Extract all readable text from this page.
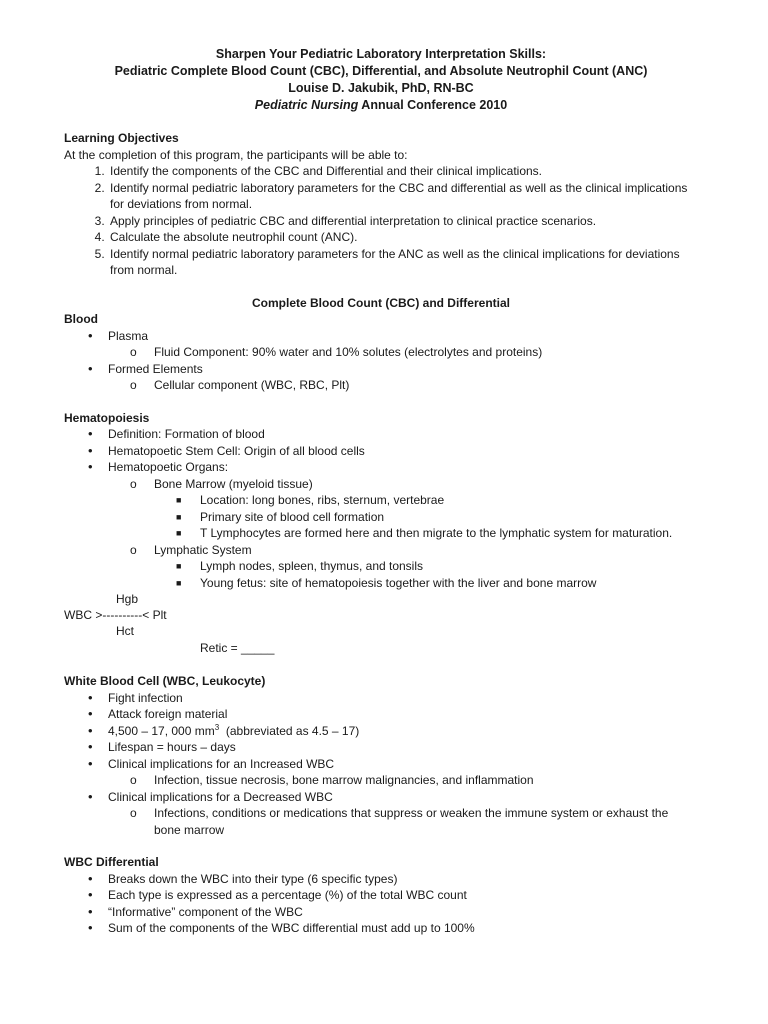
Sharpen Your Pediatric Laboratory Interpretation Skills:
Pediatric Complete Blood Count (CBC), Differential, and Absolute Neutrophil Count (ANC)
Louise D. Jakubik, PhD, RN-BC
Pediatric Nursing Annual Conference 2010
Learning Objectives
At the completion of this program, the participants will be able to:
1. Identify the components of the CBC and Differential and their clinical implications.
2. Identify normal pediatric laboratory parameters for the CBC and differential as well as the clinical implications for deviations from normal.
3. Apply principles of pediatric CBC and differential interpretation to clinical practice scenarios.
4. Calculate the absolute neutrophil count (ANC).
5. Identify normal pediatric laboratory parameters for the ANC as well as the clinical implications for deviations from normal.
Complete Blood Count (CBC) and Differential
Blood
• Plasma
o Fluid Component: 90% water and 10% solutes (electrolytes and proteins)
• Formed Elements
o Cellular component (WBC, RBC, Plt)
Hematopoiesis
• Definition: Formation of blood
• Hematopoetic Stem Cell: Origin of all blood cells
• Hematopoetic Organs:
o Bone Marrow (myeloid tissue)
■ Location: long bones, ribs, sternum, vertebrae
■ Primary site of blood cell formation
■ T Lymphocytes are formed here and then migrate to the lymphatic system for maturation.
o Lymphatic System
■ Lymph nodes, spleen, thymus, and tonsils
■ Young fetus: site of hematopoiesis together with the liver and bone marrow
Hgb
WBC >----------< Plt
Hct
Retic = _____
White Blood Cell (WBC, Leukocyte)
• Fight infection
• Attack foreign material
• 4,500 – 17, 000 $mm^3$  (abbreviated as 4.5 – 17)
• Lifespan = hours – days
• Clinical implications for an Increased WBC
o Infection, tissue necrosis, bone marrow malignancies, and inflammation
• Clinical implications for a Decreased WBC
o Infections, conditions or medications that suppress or weaken the immune system or exhaust the bone marrow
WBC Differential
• Breaks down the WBC into their type (6 specific types)
• Each type is expressed as a percentage (%) of the total WBC count
• “Informative” component of the WBC
• Sum of the components of the WBC differential must add up to 100%
